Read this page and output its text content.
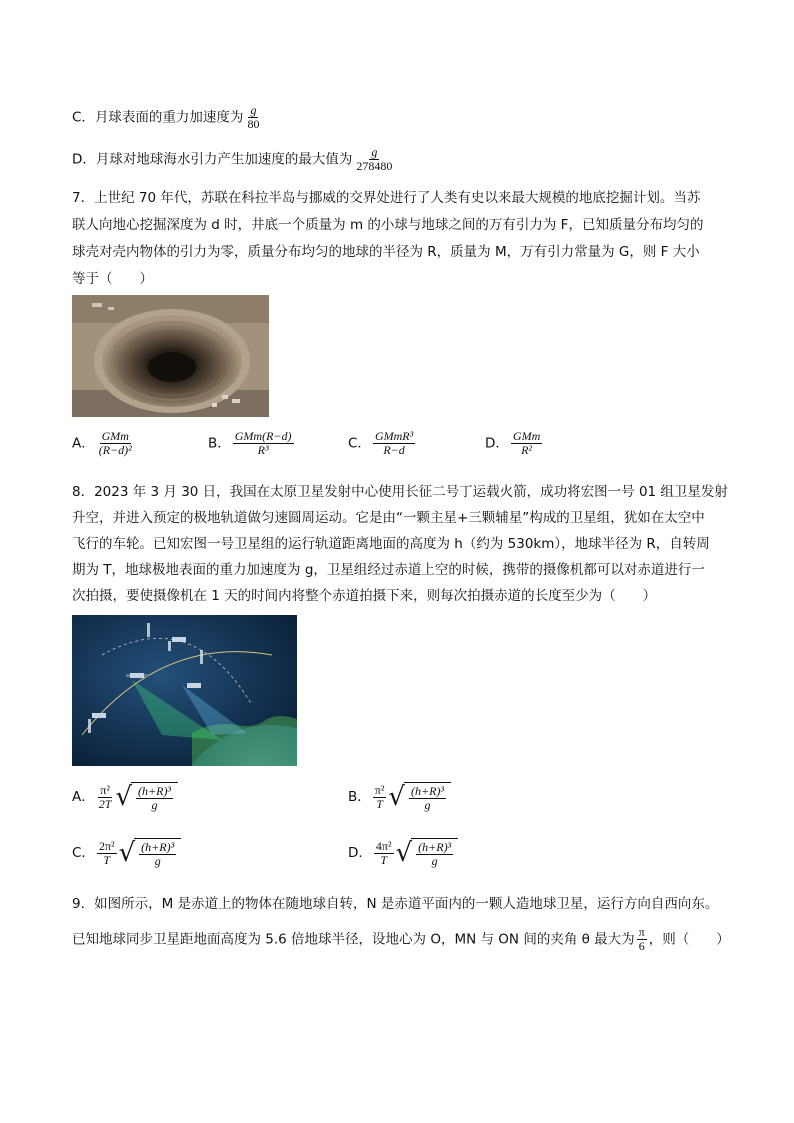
C．月球表面的重力加速度为 $\frac{g}{80}$
D．月球对地球海水引力产生加速度的最大值为 $\frac{g}{278480}$
7．上世纪 70 年代，苏联在科拉半岛与挪威的交界处进行了人类有史以来最大规模的地底挖掘计划。当苏
联人向地心挖掘深度为 d 时，井底一个质量为 m 的小球与地球之间的万有引力为 F，已知质量分布均匀的
球壳对壳内物体的引力为零，质量分布均匀的地球的半径为 R，质量为 M，万有引力常量为 G，则 F 大小
等于（　　）
A． $\frac{\text{GMm}}{\text{(R−d)²}}$	B． $\frac{\text{GMm(R−d)}}{\text{R³}}$	C． $\frac{\text{GMmR³}}{R-d}$	D． $\frac{\text{GMm}}{\text{R²}}$
8．2023 年 3 月 30 日，我国在太原卫星发射中心使用长征二号丁运载火箭，成功将宏图一号 01 组卫星发射
升空，并进入预定的极地轨道做匀速圆周运动。它是由“一颗主星+三颗辅星”构成的卫星组，犹如在太空中
飞行的车轮。已知宏图一号卫星组的运行轨道距离地面的高度为 h（约为 530km），地球半径为 R，自转周
期为 T，地球极地表面的重力加速度为 g，卫星组经过赤道上空的时候，携带的摄像机都可以对赤道进行一
次拍摄，要使摄像机在 1 天的时间内将整个赤道拍摄下来，则每次拍摄赤道的长度至少为（　　）
A． $\frac{\text{π²}}{2T}$ √ $\frac{\text{(h+R)³}}{g}$	B． $\frac{\text{π²}}{T}$ √ $\frac{\text{(h+R)³}}{g}$
C． $\frac{\text{2π²}}{T}$ √ $\frac{\text{(h+R)³}}{g}$	D． $\frac{\text{4π²}}{T}$ √ $\frac{\text{(h+R)³}}{g}$
9．如图所示，M 是赤道上的物体在随地球自转，N 是赤道平面内的一颗人造地球卫星，运行方向自西向东。
已知地球同步卫星距地面高度为 5.6 倍地球半径，设地心为 O，MN 与 ON 间的夹角 θ 最大为 $\frac{\pi}{6}$ ，则（　　）
